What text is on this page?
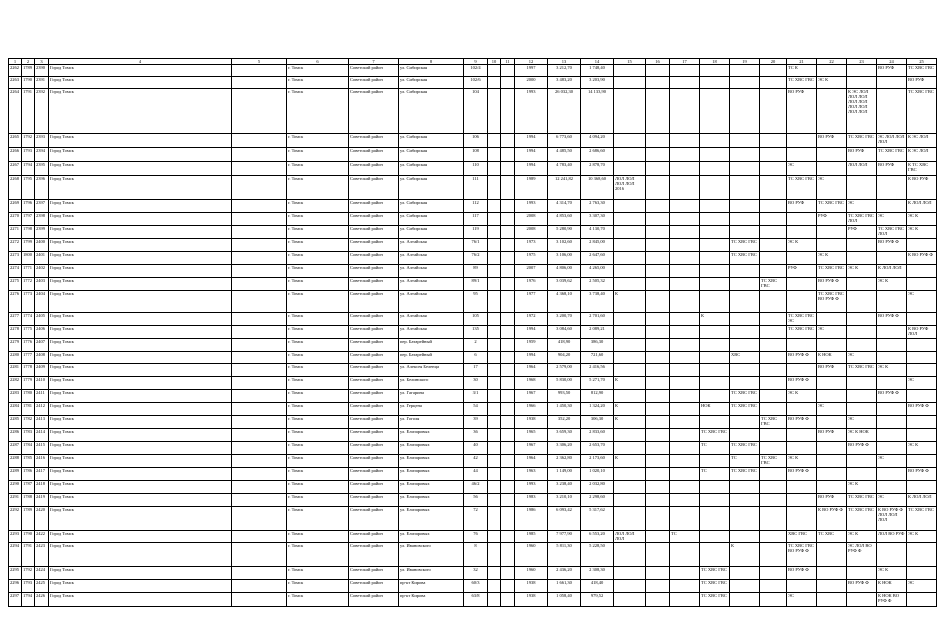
1	2	3	4	5	6	7	8	9	10	11	12	13	14	15	16	17	18	19	20	21	22	23	24	25
2262	1789	2390	Город Томск		г. Томск	Советский район	ул. Сибирская	102/4			1997	3 212,70	1 748,40							ТС К			ВО РУФ	ТС ХВС ГВС
2263	1790	2391	Город Томск		г. Томск	Советский район	ул. Сибирская	102/6			2000	3 483,20	3 203,90							ТС ХВС ГВС	ЭС К			ВО РУФ
2264	1791	2392	Город Томск		г. Томск	Советский район	ул. Сибирская	104			1993	26 032,30	14 133,90							ВО РУФ		К ЭС ЛОЛ ЛОЛ ЛОЛ ЛОЛ ЛОЛ ЛОЛ ЛОЛ ЛОЛ ЛОЛ		ТС ХВС ГВС
2265	1792	2393	Город Томск		г. Томск	Советский район	ул. Сибирская	106			1994	6 773,60	4 094,20								ВО РУФ	ТС ХВС ГВС	ЭС ЛОЛ ЛОЛ ЛОЛ	К ЭС ЛОЛ
2266	1793	2394	Город Томск		г. Томск	Советский район	ул. Сибирская	108			1994	4 485,50	2 686,60									ВО РУФ	ТС ХВС ГВС	К ЭС ЛОЛ
2267	1794	2395	Город Томск		г. Томск	Советский район	ул. Сибирская	110			1994	4 783,40	2 878,70							ЭС		ЛОЛ ЛОЛ	ВО РУФ	К ТС ХВС ГВС
2268	1795	2396	Город Томск		г. Томск	Советский район	ул. Сибирская	111			1989	12 241,82	10 368,60	ЛОЛ ЛОЛ ЛОЛ ЛОЛ 2016						ТС ХВС ГВС	ЭС			К ВО РУФ
2269	1796	2397	Город Томск		г. Томск	Советский район	ул. Сибирская	112			1993	4 314,70	2 763,30							ВО РУФ	ТС ХВС ГВС	ЭС		К ЛОЛ ЛОЛ
2270	1797	2398	Город Томск		г. Томск	Советский район	ул. Сибирская	117			2008	4 853,60	3 307,30								РУФ	ТС ХВС ГВС ЛОЛ	ЭС	ЭС К
2271	1798	2399	Город Томск		г. Томск	Советский район	ул. Сибирская	119			2008	5 280,90	4 130,70									РУФ	ТС ХВС ГВС ЛОЛ	ЭС К
2272	1799	2400	Город Томск		г. Томск	Советский район	ул. Алтайская	76/1			1973	3 102,60	2 845,00					ТС ХВС ГВС		ЭС К			ВО РУФ Ф	
2273	1800	2401	Город Томск		г. Томск	Советский район	ул. Алтайская	76/2			1975	3 106,00	2 647,60					ТС ХВС ГВС			ЭС К			К ВО РУФ Ф
2274	1771	2402	Город Томск		г. Томск	Советский район	ул. Алтайская	89			2007	4 806,00	4 265,00							РУФ	ТС ХВС ГВС	ЭС К	К ЛОЛ ЛОЛ	
2275	1772	2403	Город Томск		г. Томск	Советский район	ул. Алтайская	89/1			1976	3 039,62	2 505,32						ТС ХВС ГВС		ВО РУФ Ф		ЭС К	
2276	1773	2404	Город Томск		г. Томск	Советский район	ул. Алтайская	95			1977	4 368,10	3 738,40	К							ТС ХВС ГВС ВО РУФ Ф			ЭС
2277	1774	2405	Город Томск		г. Томск	Советский район	ул. Алтайская	105			1972	3 200,70	2 701,60				К			ТС ХВС ГВС ЭС			ВО РУФ Ф	
2278	1775	2406	Город Томск		г. Томск	Советский район	ул. Алтайская	135			1994	3 084,60	2 089,21							ТС ХВС ГВС	ЭС			К ВО РУФ ЛОЛ
2279	1776	2407	Город Томск		г. Томск	Советский район	пер. Батарейный	2			1959	418,90	386,30											
2280	1777	2408	Город Томск		г. Томск	Советский район	пер. Батарейный	6			1994	904,20	721,60					ХВС		ВО РУФ Ф	К НОК	ЭС		
2281	1778	2409	Город Томск		г. Томск	Советский район	ул. Алексея Беленца	17			1964	2 579,00	2 416,56								ВО РУФ	ТС ХВС ГВС	ЭС К	
2282	1779	2410	Город Томск		г. Томск	Советский район	ул. Белинского	30			1968	5 830,00	5 271,70	К						ВО РУФ Ф				ЭС
2283	1780	2411	Город Томск		г. Томск	Советский район	ул. Гагарина	3/1			1967	993,50	812,90					ТС ХВС ГВС		ЭС К			ВО РУФ Ф	
2284	1781	2412	Город Томск		г. Томск	Советский район	ул. Герцена	54			1966	1 450,30	1 324,20	К			НОК	ТС ХВС ГВС			ЭС			ВО РУФ Ф
2285	1782	2413	Город Томск		г. Томск	Советский район	ул. Гоголя	39			1938	352,20	306,30	К					ТС ХВС ГВС	ВО РУФ Ф		ЭС		
2286	1783	2414	Город Томск		г. Томск	Советский район	ул. Елизаровых	36			1965	3 659,30	2 833,60				ТС ХВС ГВС				ВО РУФ	ЭС К НОК		
2287	1784	2415	Город Томск		г. Томск	Советский район	ул. Елизаровых	40			1967	3 306,20	2 653,70				ТС	ТС ХВС ГВС				ВО РУФ Ф		ЭС К
2288	1785	2416	Город Томск		г. Томск	Советский район	ул. Елизаровых	42			1964	2 362,80	2 173,60	К				ТС	ТС ХВС ГВС	ЭС К			ЭС	
2289	1786	2417	Город Томск		г. Томск	Советский район	ул. Елизаровых	44			1963	1 149,00	1 020,10				ТС	ТС ХВС ГВС		ВО РУФ Ф				ВО РУФ Ф
2290	1787	2418	Город Томск		г. Томск	Советский район	ул. Елизаровых	46/2			1993	3 238,40	2 032,80									ЭС К		
2291	1788	2419	Город Томск		г. Томск	Советский район	ул. Елизаровых	56			1983	3 210,10	2 298,60								ВО РУФ	ТС ХВС ГВС	ЭС	К ЛОЛ ЛОЛ
2292	1789	2420	Город Томск		г. Томск	Советский район	ул. Елизаровых	72			1986	6 093,42	5 317,62								К ВО РУФ Ф	ТС ХВС ГВС	К ВО РУФ Ф ЛОЛ ЛОЛ ЛОЛ	ТС ХВС ГВС
2293	1790	2422	Город Томск		г. Томск	Советский район	ул. Елизаровых	76			1985	7 977,90	6 553,20	ЛОЛ ЛОЛ ЛОЛ		ТС				ХВС ГВС	ТС ХВС	ЭС К	ЛОЛ ВО РУФ	ЭС К
2294	1791	2423	Город Томск		г. Томск	Советский район	ул. Ивановского	8			1960	5 811,30	5 228,50					К		ТС ХВС ГВС ВО РУФ Ф		ЭС ЛОЛ ВО РУФ Ф		
2295	1792	2424	Город Томск		г. Томск	Советский район	ул. Ивановского	32			1960	2 436,20	2 308,30				ТС ХВС ГВС			ВО РУФ Ф			ЭС К	
2296	1793	2425	Город Томск		г. Томск	Советский район	пр-кт Кирова	60/3			1938	1 661,30	418,40				ТС ХВС ГВС					ВО РУФ Ф	К НОК	ЭС
2297	1794	2426	Город Томск		г. Томск	Советский район	пр-кт Кирова	63/8			1938	1 058,40	979,52				ТС ХВС ГВС			ЭС			К НОК ВО РУФ Ф	
